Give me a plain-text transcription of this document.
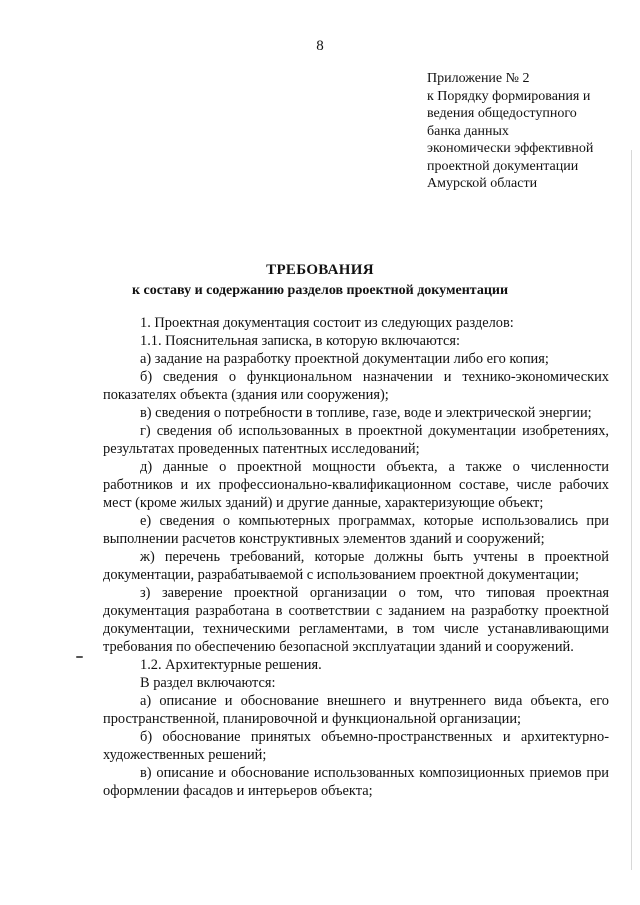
8
Приложение № 2
к Порядку формирования и
ведения общедоступного
банка данных
экономически эффективной
проектной документации
Амурской области
ТРЕБОВАНИЯ
к составу и содержанию разделов проектной документации

1. Проектная документация состоит из следующих разделов:

1.1. Пояснительная записка, в которую включаются:

а) задание на разработку проектной документации либо его копия;

б) сведения о функциональном назначении и технико-экономических показателях объекта (здания или сооружения);

в) сведения о потребности в топливе, газе, воде и электрической энергии;

г) сведения об использованных в проектной документации изобретениях, результатах проведенных патентных исследований;

д) данные о проектной мощности объекта, а также о численности работников и их профессионально-квалификационном составе, числе рабочих мест (кроме жилых зданий) и другие данные, характеризующие объект;

е) сведения о компьютерных программах, которые использовались при выполнении расчетов конструктивных элементов зданий и сооружений;

ж) перечень требований, которые должны быть учтены в проектной документации, разрабатываемой с использованием проектной документации;

з) заверение проектной организации о том, что типовая проектная документация разработана в соответствии с заданием на разработку проектной документации, техническими регламентами, в том числе устанавливающими требования по обеспечению безопасной эксплуатации зданий и сооружений.

1.2. Архитектурные решения.

В раздел включаются:

а) описание и обоснование внешнего и внутреннего вида объекта, его пространственной, планировочной и функциональной организации;

б) обоснование принятых объемно-пространственных и архитектурно-художественных решений;

в) описание и обоснование использованных композиционных приемов при оформлении фасадов и интерьеров объекта;
